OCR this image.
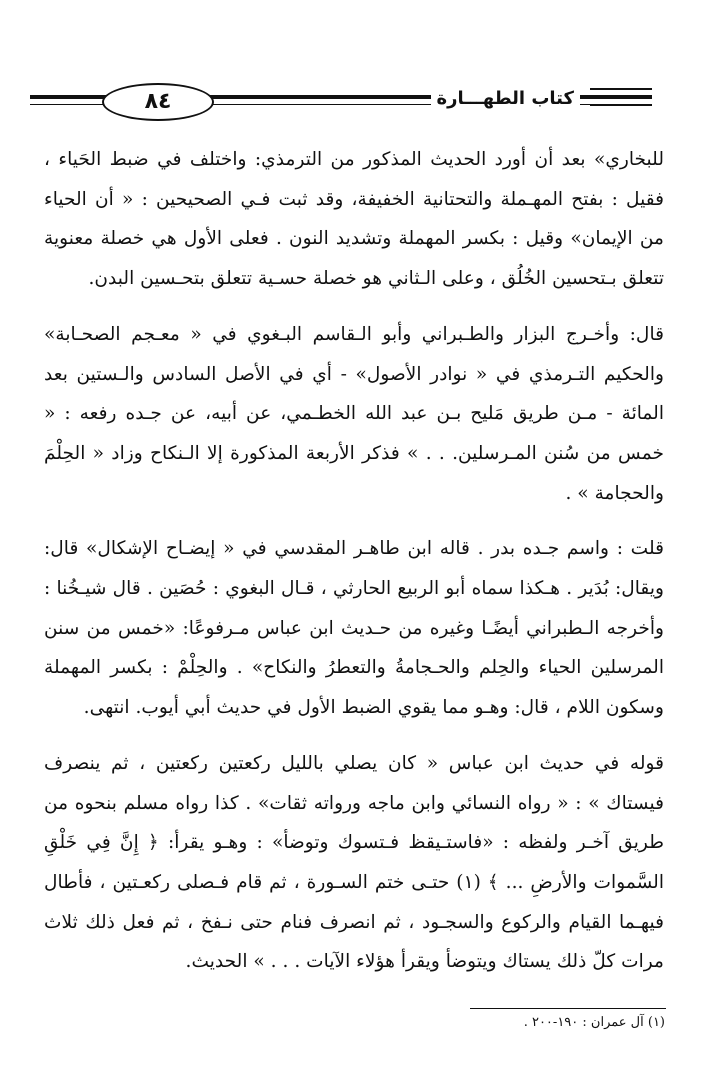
٨٤	كتاب الطهـــارة

للبخاري» بعد أن أورد الحديث المذكور من الترمذي: واختلف في ضبط الحَياء ، فقيل : بفتح المهـملة والتحتانية الخفيفة، وقد ثبت فـي الصحيحين : « أن الحياء من الإيمان» وقيل : بكسر المهملة وتشديد النون . فعلى الأول هي خصلة معنوية تتعلق بـتحسين الخُلُق ، وعلى الـثاني هو خصلة حسـية تتعلق بتحـسين البدن.

قال: وأخـرج البزار والطـبراني وأبو الـقاسم البـغوي في « معـجم الصحـابة» والحكيم التـرمذي في « نوادر الأصول» - أي في الأصل السادس والـستين بعد المائة - مـن طريق مَليح بـن عبد الله الخطـمي، عن أبيه، عن جـده رفعه : « خمس من سُنن المـرسلين. . . » فذكر الأربعة المذكورة إلا الـنكاح وزاد « الحِلْمَ والحجامة » .

قلت : واسم جـده بدر . قاله ابن طاهـر المقدسي في « إيضـاح الإشكال» قال: ويقال: بُدَير . هـكذا سماه أبو الربيع الحارثي ، قـال البغوي : حُصَين . قال شيـخُنا : وأخرجه الـطبراني أيضًـا وغيره من حـديث ابن عباس مـرفوعًا: «خمس من سنن المرسلين الحياء والحِلم والحـجامةُ والتعطرُ والنكاح» . والحِلْمْ : بكسر المهملة وسكون اللام ، قال: وهـو مما يقوي الضبط الأول في حديث أبي أيوب. انتهى.

قوله في حديث ابن عباس « كان يصلي بالليل ركعتين ركعتين ، ثم ينصرف فيستاك » : « رواه النسائي وابن ماجه ورواته ثقات» . كذا رواه مسلم بنحوه من طريق آخـر ولفظه : «فاستـيقظ فـتسوك وتوضأ» : وهـو يقرأ: ﴿ إِنَّ فِي خَلْقِ السَّموات والأرضِ ... ﴾ (١) حتـى ختم السـورة ، ثم قام فـصلى ركعـتين ، فأطال فيهـما القيام والركوع والسجـود ، ثم انصرف فنام حتى نـفخ ، ثم فعل ذلك ثلاث مرات كلّ ذلك يستاك ويتوضأ ويقرأ هؤلاء الآيات . . . » الحديث.

(١) آل عمران : ١٩٠-٢٠٠ .
